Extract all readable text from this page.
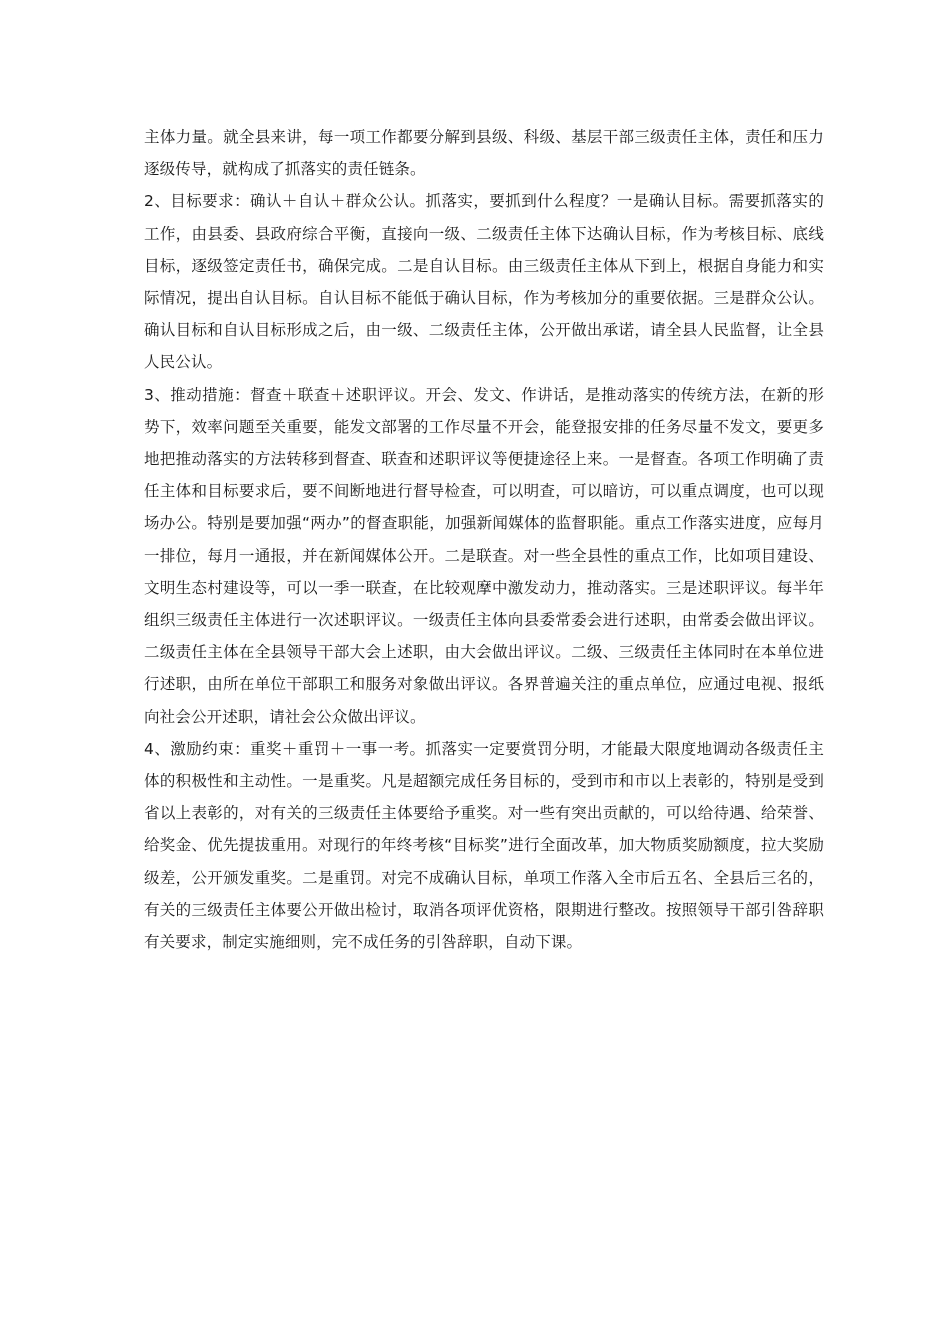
主体力量。就全县来讲，每一项工作都要分解到县级、科级、基层干部三级责任主体，责任和压力逐级传导，就构成了抓落实的责任链条。

2、目标要求：确认＋自认＋群众公认。抓落实，要抓到什么程度？一是确认目标。需要抓落实的工作，由县委、县政府综合平衡，直接向一级、二级责任主体下达确认目标，作为考核目标、底线目标，逐级签定责任书，确保完成。二是自认目标。由三级责任主体从下到上，根据自身能力和实际情况，提出自认目标。自认目标不能低于确认目标，作为考核加分的重要依据。三是群众公认。确认目标和自认目标形成之后，由一级、二级责任主体，公开做出承诺，请全县人民监督，让全县人民公认。

3、推动措施：督查＋联查＋述职评议。开会、发文、作讲话，是推动落实的传统方法，在新的形势下，效率问题至关重要，能发文部署的工作尽量不开会，能登报安排的任务尽量不发文，要更多地把推动落实的方法转移到督查、联查和述职评议等便捷途径上来。一是督查。各项工作明确了责任主体和目标要求后，要不间断地进行督导检查，可以明查，可以暗访，可以重点调度，也可以现场办公。特别是要加强“两办”的督查职能，加强新闻媒体的监督职能。重点工作落实进度，应每月一排位，每月一通报，并在新闻媒体公开。二是联查。对一些全县性的重点工作，比如项目建设、文明生态村建设等，可以一季一联查，在比较观摩中激发动力，推动落实。三是述职评议。每半年组织三级责任主体进行一次述职评议。一级责任主体向县委常委会进行述职，由常委会做出评议。二级责任主体在全县领导干部大会上述职，由大会做出评议。二级、三级责任主体同时在本单位进行述职，由所在单位干部职工和服务对象做出评议。各界普遍关注的重点单位，应通过电视、报纸向社会公开述职，请社会公众做出评议。

4、激励约束：重奖＋重罚＋一事一考。抓落实一定要赏罚分明，才能最大限度地调动各级责任主体的积极性和主动性。一是重奖。凡是超额完成任务目标的，受到市和市以上表彰的，特别是受到省以上表彰的，对有关的三级责任主体要给予重奖。对一些有突出贡献的，可以给待遇、给荣誉、给奖金、优先提拔重用。对现行的年终考核“目标奖”进行全面改革，加大物质奖励额度，拉大奖励级差，公开颁发重奖。二是重罚。对完不成确认目标，单项工作落入全市后五名、全县后三名的，有关的三级责任主体要公开做出检讨，取消各项评优资格，限期进行整改。按照领导干部引咎辞职有关要求，制定实施细则，完不成任务的引咎辞职，自动下课。
